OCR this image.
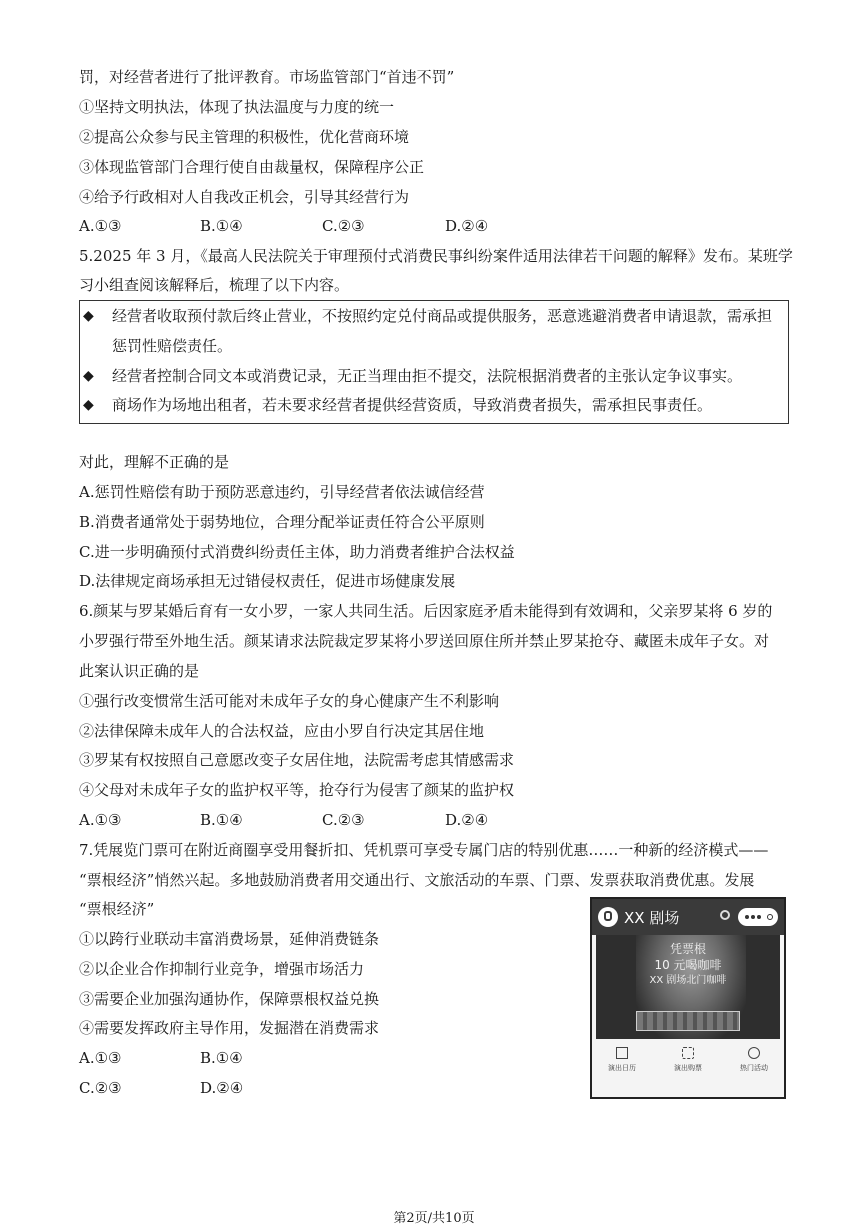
罚，对经营者进行了批评教育。市场监管部门“首违不罚”
①坚持文明执法，体现了执法温度与力度的统一
②提高公众参与民主管理的积极性，优化营商环境
③体现监管部门合理行使自由裁量权，保障程序公正
④给予行政相对人自我改正机会，引导其经营行为
A.①③	B.①④	C.②③	D.②④
5.2025 年 3 月，《最高人民法院关于审理预付式消费民事纠纷案件适用法律若干问题的解释》发布。某班学
习小组查阅该解释后，梳理了以下内容。
◆ 经营者收取预付款后终止营业，不按照约定兑付商品或提供服务，恶意逃避消费者申请退款，需承担
惩罚性赔偿责任。
◆ 经营者控制合同文本或消费记录，无正当理由拒不提交，法院根据消费者的主张认定争议事实。
◆ 商场作为场地出租者，若未要求经营者提供经营资质，导致消费者损失，需承担民事责任。
对此，理解不正确的是
A.惩罚性赔偿有助于预防恶意违约，引导经营者依法诚信经营
B.消费者通常处于弱势地位，合理分配举证责任符合公平原则
C.进一步明确预付式消费纠纷责任主体，助力消费者维护合法权益
D.法律规定商场承担无过错侵权责任，促进市场健康发展
6.颜某与罗某婚后育有一女小罗，一家人共同生活。后因家庭矛盾未能得到有效调和，父亲罗某将 6 岁的
小罗强行带至外地生活。颜某请求法院裁定罗某将小罗送回原住所并禁止罗某抢夺、藏匿未成年子女。对
此案认识正确的是
①强行改变惯常生活可能对未成年子女的身心健康产生不利影响
②法律保障未成年人的合法权益，应由小罗自行决定其居住地
③罗某有权按照自己意愿改变子女居住地，法院需考虑其情感需求
④父母对未成年子女的监护权平等，抢夺行为侵害了颜某的监护权
A.①③	B.①④	C.②③	D.②④
7.凭展览门票可在附近商圈享受用餐折扣、凭机票可享受专属门店的特别优惠……一种新的经济模式——
“票根经济”悄然兴起。多地鼓励消费者用交通出行、文旅活动的车票、门票、发票获取消费优惠。发展
“票根经济”
①以跨行业联动丰富消费场景，延伸消费链条
②以企业合作抑制行业竞争，增强市场活力
③需要企业加强沟通协作，保障票根权益兑换
④需要发挥政府主导作用，发掘潜在消费需求
A.①③	B.①④
C.②③	D.②④
XX 剧场
凭票根
10 元喝咖啡
XX 剧场北门咖啡
演出日历	演出购票	热门活动
第2页/共10页
